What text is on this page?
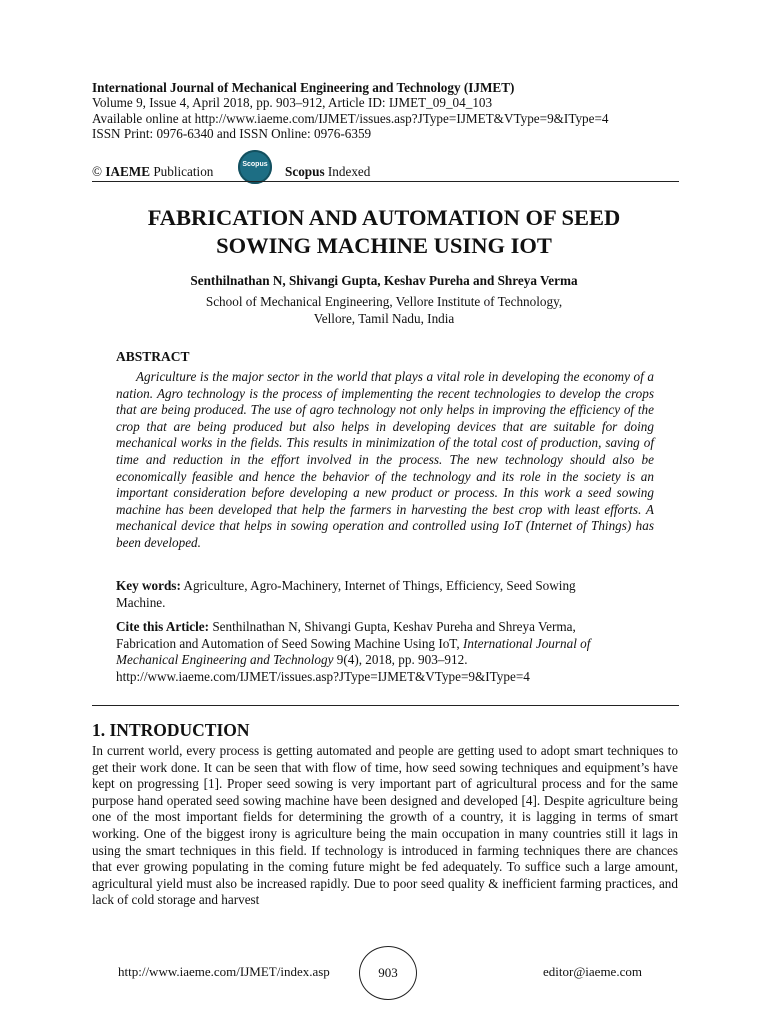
International Journal of Mechanical Engineering and Technology (IJMET)
Volume 9, Issue 4, April 2018, pp. 903–912, Article ID: IJMET_09_04_103
Available online at http://www.iaeme.com/IJMET/issues.asp?JType=IJMET&VType=9&IType=4
ISSN Print: 0976-6340 and ISSN Online: 0976-6359
© IAEME Publication	Scopus	Scopus Indexed
FABRICATION AND AUTOMATION OF SEED
SOWING MACHINE USING IOT
Senthilnathan N, Shivangi Gupta, Keshav Pureha and Shreya Verma
School of Mechanical Engineering, Vellore Institute of Technology,
Vellore, Tamil Nadu, India
ABSTRACT

Agriculture is the major sector in the world that plays a vital role in developing the economy of a nation. Agro technology is the process of implementing the recent technologies to develop the crops that are being produced. The use of agro technology not only helps in improving the efficiency of the crop that are being produced but also helps in developing devices that are suitable for doing mechanical works in the fields. This results in minimization of the total cost of production, saving of time and reduction in the effort involved in the process. The new technology should also be economically feasible and hence the behavior of the technology and its role in the society is an important consideration before developing a new product or process. In this work a seed sowing machine has been developed that help the farmers in harvesting the best crop with least efforts. A mechanical device that helps in sowing operation and controlled using IoT (Internet of Things) has been developed.

Key words: Agriculture, Agro-Machinery, Internet of Things, Efficiency, Seed Sowing Machine.

Cite this Article: Senthilnathan N, Shivangi Gupta, Keshav Pureha and Shreya Verma, Fabrication and Automation of Seed Sowing Machine Using IoT, International Journal of Mechanical Engineering and Technology 9(4), 2018, pp. 903–912.
http://www.iaeme.com/IJMET/issues.asp?JType=IJMET&VType=9&IType=4

1. INTRODUCTION

In current world, every process is getting automated and people are getting used to adopt smart techniques to get their work done. It can be seen that with flow of time, how seed sowing techniques and equipment’s have kept on progressing [1]. Proper seed sowing is very important part of agricultural process and for the same purpose hand operated seed sowing machine have been designed and developed [4]. Despite agriculture being one of the most important fields for determining the growth of a country, it is lagging in terms of smart working. One of the biggest irony is agriculture being the main occupation in many countries still it lags in using the smart techniques in this field. If technology is introduced in farming techniques there are chances that ever growing populating in the coming future might be fed adequately. To suffice such a large amount, agricultural yield must also be increased rapidly. Due to poor seed quality & inefficient farming practices, and lack of cold storage and harvest

http://www.iaeme.com/IJMET/index.asp	903	editor@iaeme.com
